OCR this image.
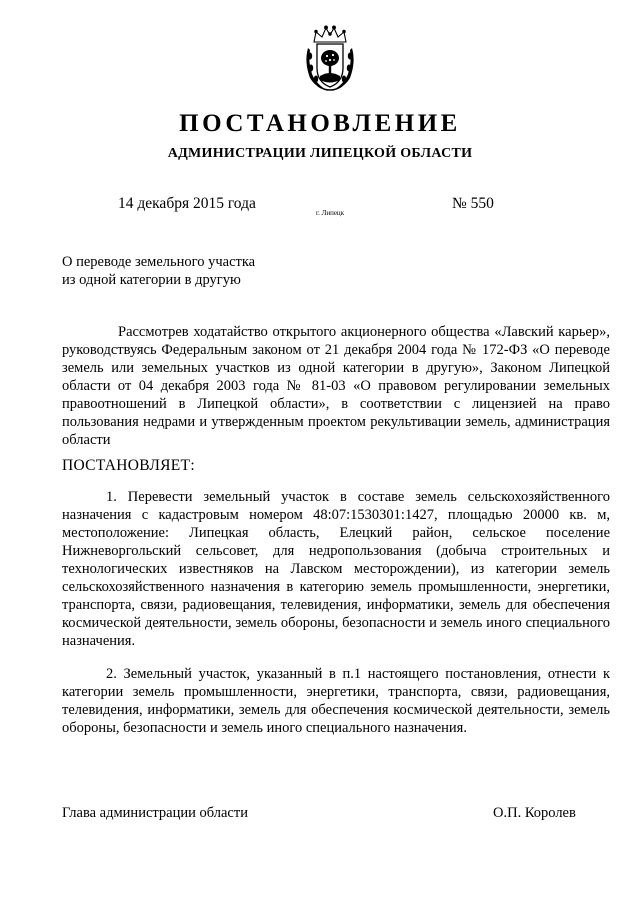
ПОСТАНОВЛЕНИЕ
АДМИНИСТРАЦИИ ЛИПЕЦКОЙ ОБЛАСТИ
14 декабря 2015 года
г. Липецк
№ 550
О переводе земельного участка
из одной категории в другую
Рассмотрев ходатайство открытого акционерного общества «Лавский карьер», руководствуясь Федеральным законом от 21 декабря 2004 года № 172-ФЗ «О переводе земель или земельных участков из одной категории в другую», Законом Липецкой области от 04 декабря 2003 года № 81-03 «О правовом регулировании земельных правоотношений в Липецкой области», в соответствии с лицензией на право пользования недрами и утвержденным проектом рекультивации земель, администрация области
ПОСТАНОВЛЯЕТ:
1. Перевести земельный участок в составе земель сельскохозяйственного назначения с кадастровым номером 48:07:1530301:1427, площадью 20000 кв. м, местоположение: Липецкая область, Елецкий район, сельское поселение Нижневоргольский сельсовет, для недропользования (добыча строительных и технологических известняков на Лавском месторождении), из категории земель сельскохозяйственного назначения в категорию земель промышленности, энергетики, транспорта, связи, радиовещания, телевидения, информатики, земель для обеспечения космической деятельности, земель обороны, безопасности и земель иного специального назначения.
2. Земельный участок, указанный в п.1 настоящего постановления, отнести к категории земель промышленности, энергетики, транспорта, связи, радиовещания, телевидения, информатики, земель для обеспечения космической деятельности, земель обороны, безопасности и земель иного специального назначения.
Глава администрации области	О.П. Королев
